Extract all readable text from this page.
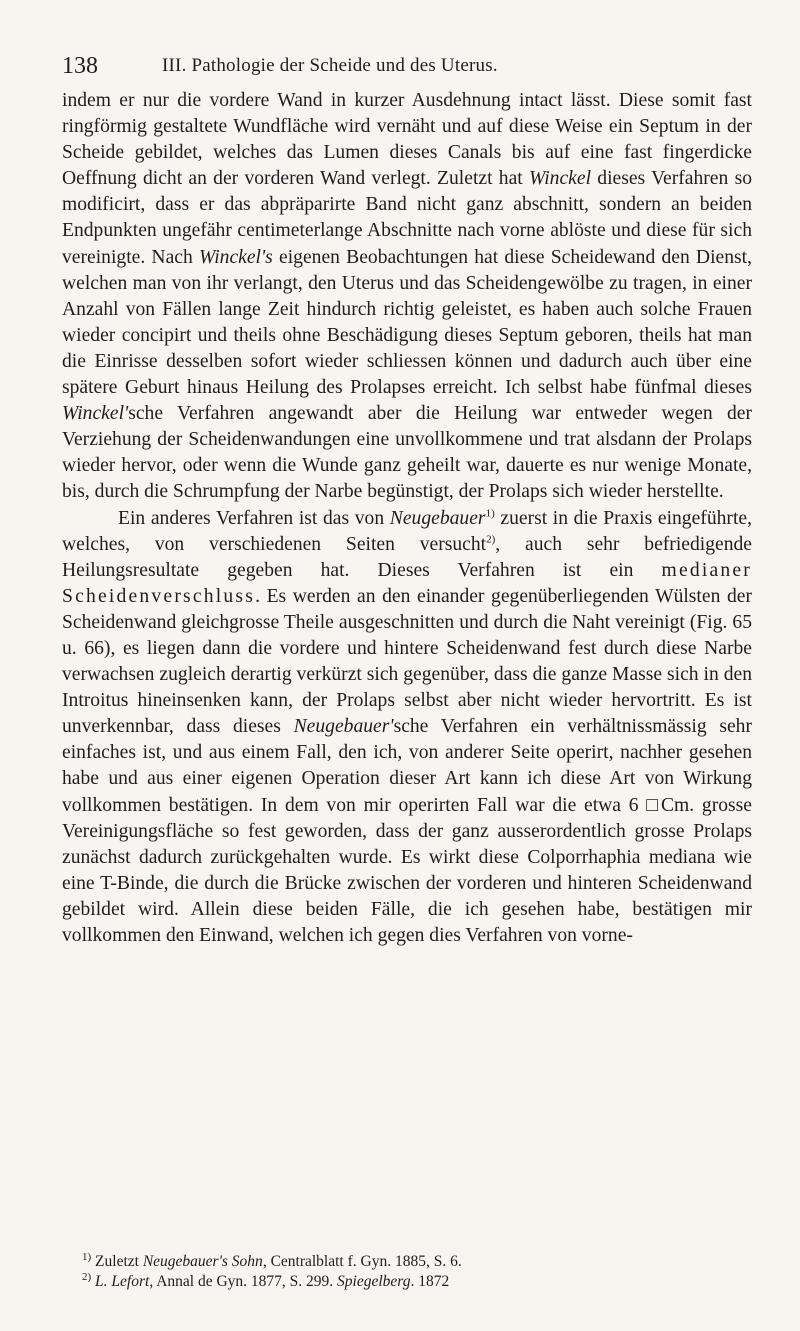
138	III. Pathologie der Scheide und des Uterus.

indem er nur die vordere Wand in kurzer Ausdehnung intact lässt. Diese somit fast ringförmig gestaltete Wundfläche wird vernäht und auf diese Weise ein Septum in der Scheide gebildet, welches das Lumen dieses Canals bis auf eine fast fingerdicke Oeffnung dicht an der vorderen Wand verlegt. Zuletzt hat Winckel dieses Verfahren so modificirt, dass er das abpräparirte Band nicht ganz abschnitt, sondern an beiden Endpunkten ungefähr centimeterlange Abschnitte nach vorne ablöste und diese für sich vereinigte. Nach Winckel's eigenen Beobachtungen hat diese Scheidewand den Dienst, welchen man von ihr verlangt, den Uterus und das Scheidengewölbe zu tragen, in einer Anzahl von Fällen lange Zeit hindurch richtig geleistet, es haben auch solche Frauen wieder concipirt und theils ohne Beschädigung dieses Septum geboren, theils hat man die Einrisse desselben sofort wieder schliessen können und dadurch auch über eine spätere Geburt hinaus Heilung des Prolapses erreicht. Ich selbst habe fünfmal dieses Winckel'sche Verfahren angewandt aber die Heilung war entweder wegen der Verziehung der Scheidenwandungen eine unvollkommene und trat alsdann der Prolaps wieder hervor, oder wenn die Wunde ganz geheilt war, dauerte es nur wenige Monate, bis, durch die Schrumpfung der Narbe begünstigt, der Prolaps sich wieder herstellte.

Ein anderes Verfahren ist das von Neugebauer$^{1)}$ zuerst in die Praxis eingeführte, welches, von verschiedenen Seiten versucht$^{2)}$, auch sehr befriedigende Heilungsresultate gegeben hat. Dieses Verfahren ist ein medianer Scheidenverschluss. Es werden an den einander gegenüberliegenden Wülsten der Scheidenwand gleichgrosse Theile ausgeschnitten und durch die Naht vereinigt (Fig. 65 u. 66), es liegen dann die vordere und hintere Scheidenwand fest durch diese Narbe verwachsen zugleich derartig verkürzt sich gegenüber, dass die ganze Masse sich in den Introitus hineinsenken kann, der Prolaps selbst aber nicht wieder hervortritt. Es ist unverkennbar, dass dieses Neugebauer'sche Verfahren ein verhältnissmässig sehr einfaches ist, und aus einem Fall, den ich, von anderer Seite operirt, nachher gesehen habe und aus einer eigenen Operation dieser Art kann ich diese Art von Wirkung vollkommen bestätigen. In dem von mir operirten Fall war die etwa 6 □Cm. grosse Vereinigungsfläche so fest geworden, dass der ganz ausserordentlich grosse Prolaps zunächst dadurch zurückgehalten wurde. Es wirkt diese Colporrhaphia mediana wie eine T-Binde, die durch die Brücke zwischen der vorderen und hinteren Scheidenwand gebildet wird. Allein diese beiden Fälle, die ich gesehen habe, bestätigen mir vollkommen den Einwand, welchen ich gegen dies Verfahren von vorne-

$^{1)}$ Zuletzt Neugebauer's Sohn, Centralblatt f. Gyn. 1885, S. 6.

$^{2)}$ L. Lefort, Annal de Gyn. 1877, S. 299. Spiegelberg. 1872
